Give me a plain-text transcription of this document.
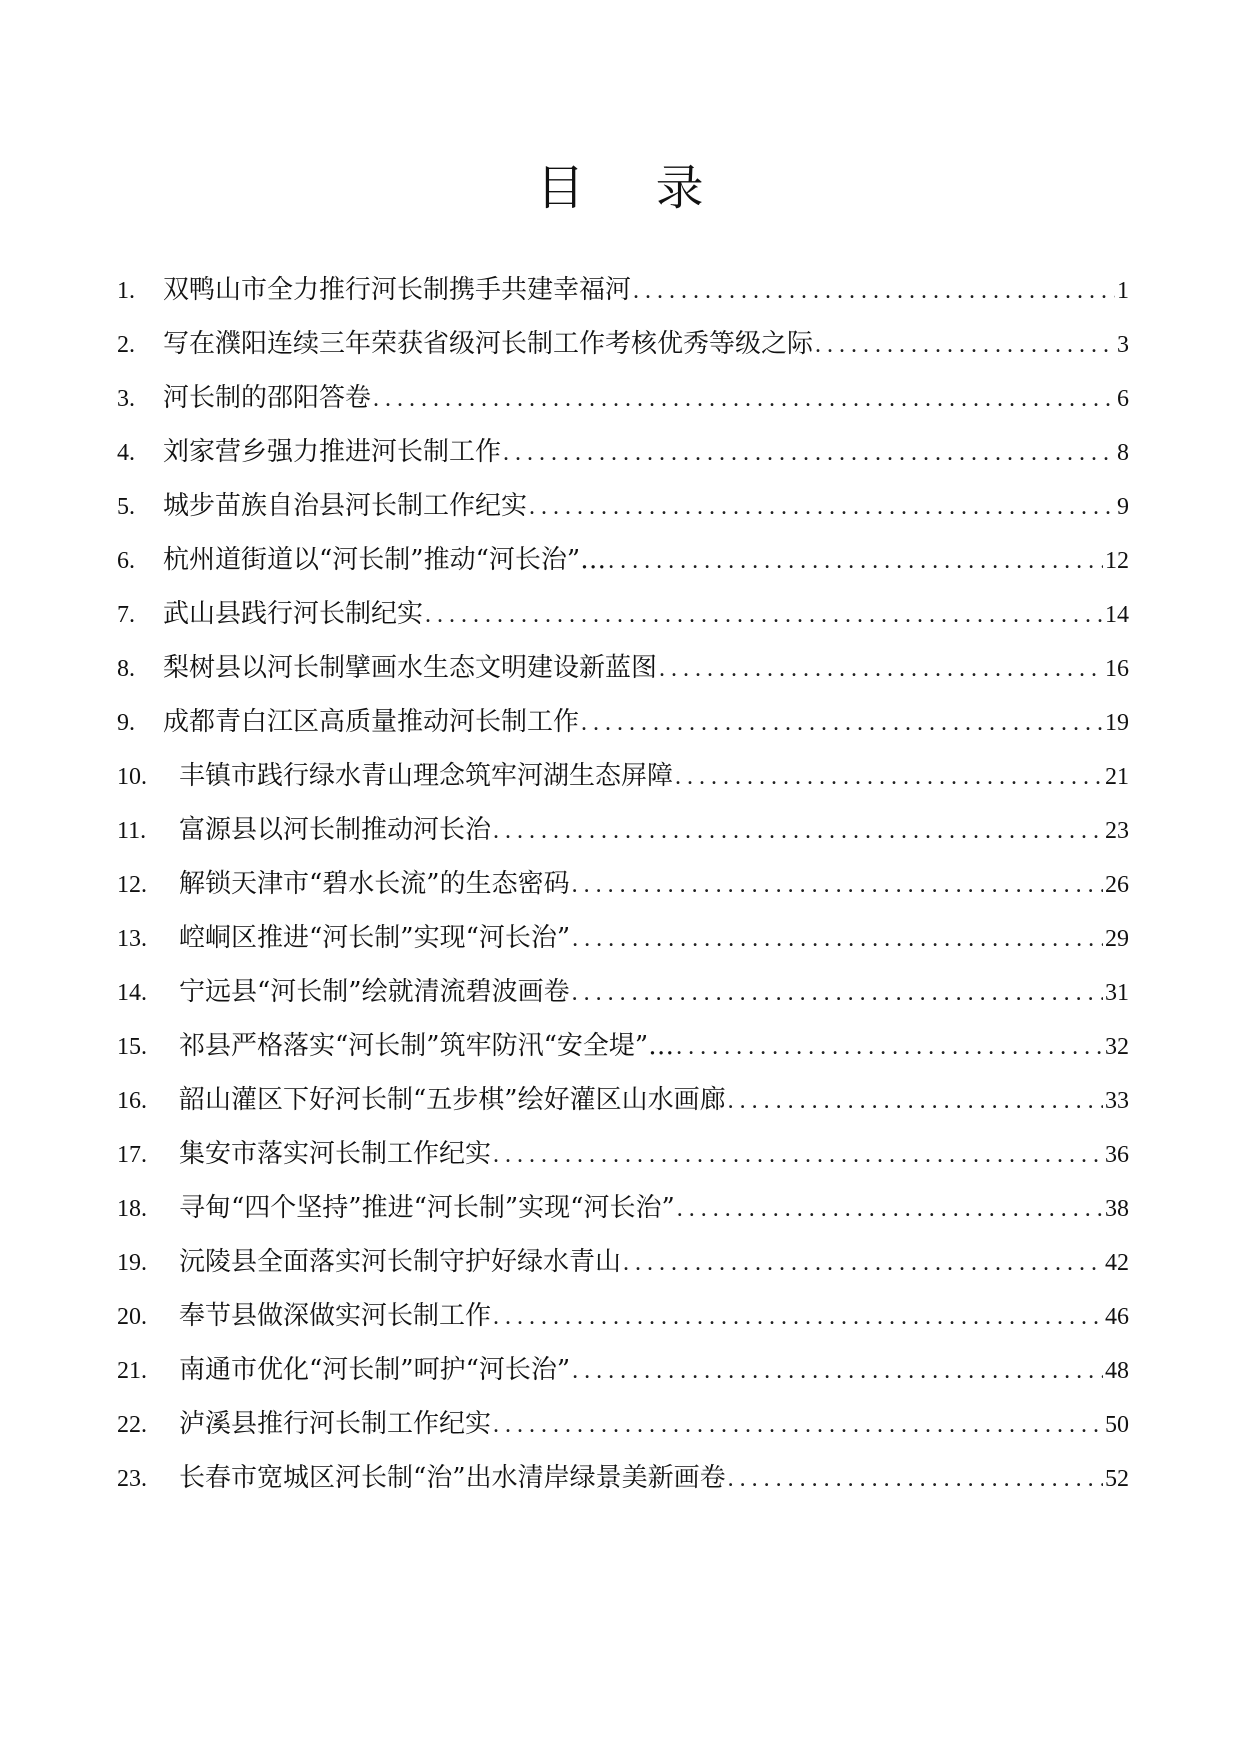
目 录
1.	双鸭山市全力推行河长制携手共建幸福河 .....	1
2.	写在濮阳连续三年荣获省级河长制工作考核优秀等级之际 .....	3
3.	河长制的邵阳答卷 .....	6
4.	刘家营乡强力推进河长制工作 .....	8
5.	城步苗族自治县河长制工作纪实 .....	9
6.	杭州道街道以“河长制”推动“河长治”… .....	12
7.	武山县践行河长制纪实 .....	14
8.	梨树县以河长制擘画水生态文明建设新蓝图 .....	16
9.	成都青白江区高质量推动河长制工作 .....	19
10.	丰镇市践行绿水青山理念筑牢河湖生态屏障 .....	21
11.	富源县以河长制推动河长治 .....	23
12.	解锁天津市“碧水长流”的生态密码 .....	26
13.	崆峒区推进“河长制”实现“河长治” .....	29
14.	宁远县“河长制”绘就清流碧波画卷 .....	31
15.	祁县严格落实“河长制”筑牢防汛“安全堤”… .....	32
16.	韶山灌区下好河长制“五步棋”绘好灌区山水画廊 .....	33
17.	集安市落实河长制工作纪实 .....	36
18.	寻甸“四个坚持”推进“河长制”实现“河长治” .....	38
19.	沅陵县全面落实河长制守护好绿水青山 .....	42
20.	奉节县做深做实河长制工作 .....	46
21.	南通市优化“河长制”呵护“河长治” .....	48
22.	泸溪县推行河长制工作纪实 .....	50
23.	长春市宽城区河长制“治”出水清岸绿景美新画卷 .....	52
